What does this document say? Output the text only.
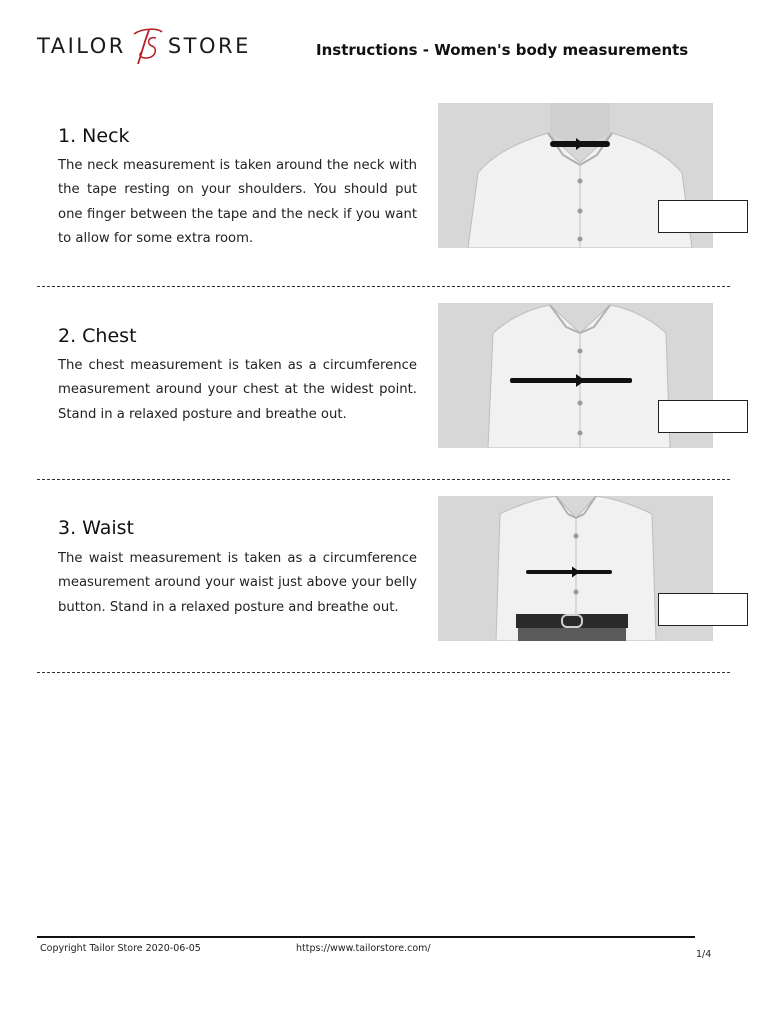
TAILOR STORE	Instructions - Women's body measurements
1. Neck

The neck measurement is taken around the neck with the tape resting on your shoulders. You should put one finger between the tape and the neck if you want to allow for some extra room.

2. Chest

The chest measurement is taken as a circumference measurement around your chest at the widest point. Stand in a relaxed posture and breathe out.

3. Waist

The waist measurement is taken as a circumference measurement around your waist just above your belly button. Stand in a relaxed posture and breathe out.

Copyright Tailor Store 2020-06-05	https://www.tailorstore.com/
1/4
